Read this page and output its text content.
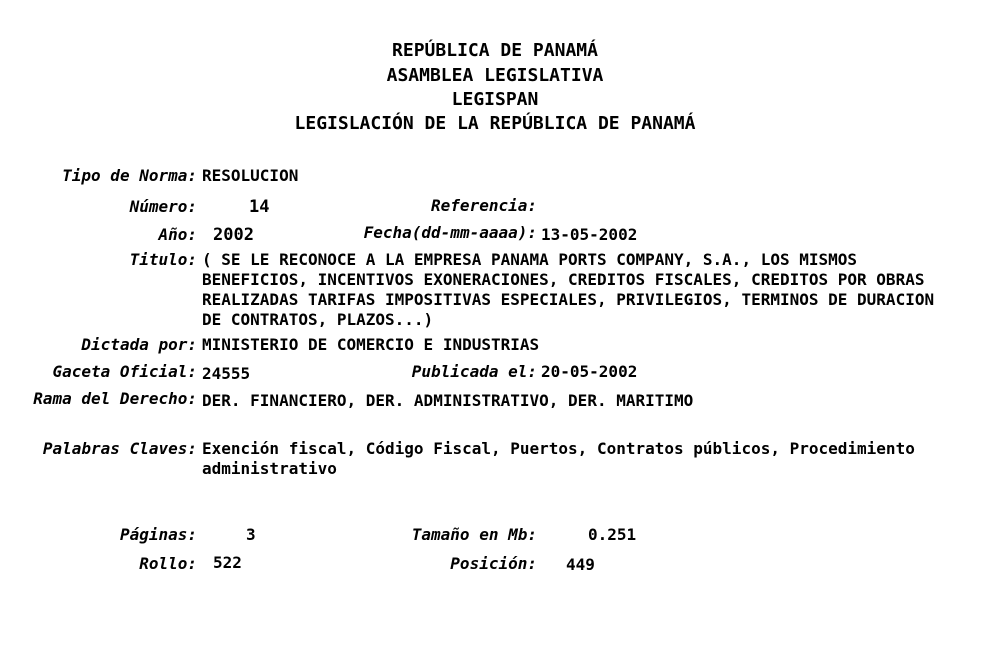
REPÚBLICA DE PANAMÁ
ASAMBLEA LEGISLATIVA
LEGISPAN
LEGISLACIÓN DE LA REPÚBLICA DE PANAMÁ
Tipo de Norma: RESOLUCION
Número:	14	Referencia:
Año: 2002	Fecha(dd-mm-aaaa): 13-05-2002
Titulo: ( SE LE RECONOCE A LA EMPRESA PANAMA PORTS COMPANY, S.A., LOS MISMOS BENEFICIOS, INCENTIVOS EXONERACIONES, CREDITOS FISCALES, CREDITOS POR OBRAS REALIZADAS TARIFAS IMPOSITIVAS ESPECIALES, PRIVILEGIOS, TERMINOS DE DURACION DE CONTRATOS, PLAZOS...)
Dictada por: MINISTERIO DE COMERCIO E INDUSTRIAS
Gaceta Oficial: 24555	Publicada el: 20-05-2002
Rama del Derecho: DER. FINANCIERO, DER. ADMINISTRATIVO, DER. MARITIMO
Palabras Claves: Exención fiscal, Código Fiscal, Puertos, Contratos públicos, Procedimiento administrativo
Páginas:	3	Tamaño en Mb:	0.251
Rollo: 522	Posición: 449
